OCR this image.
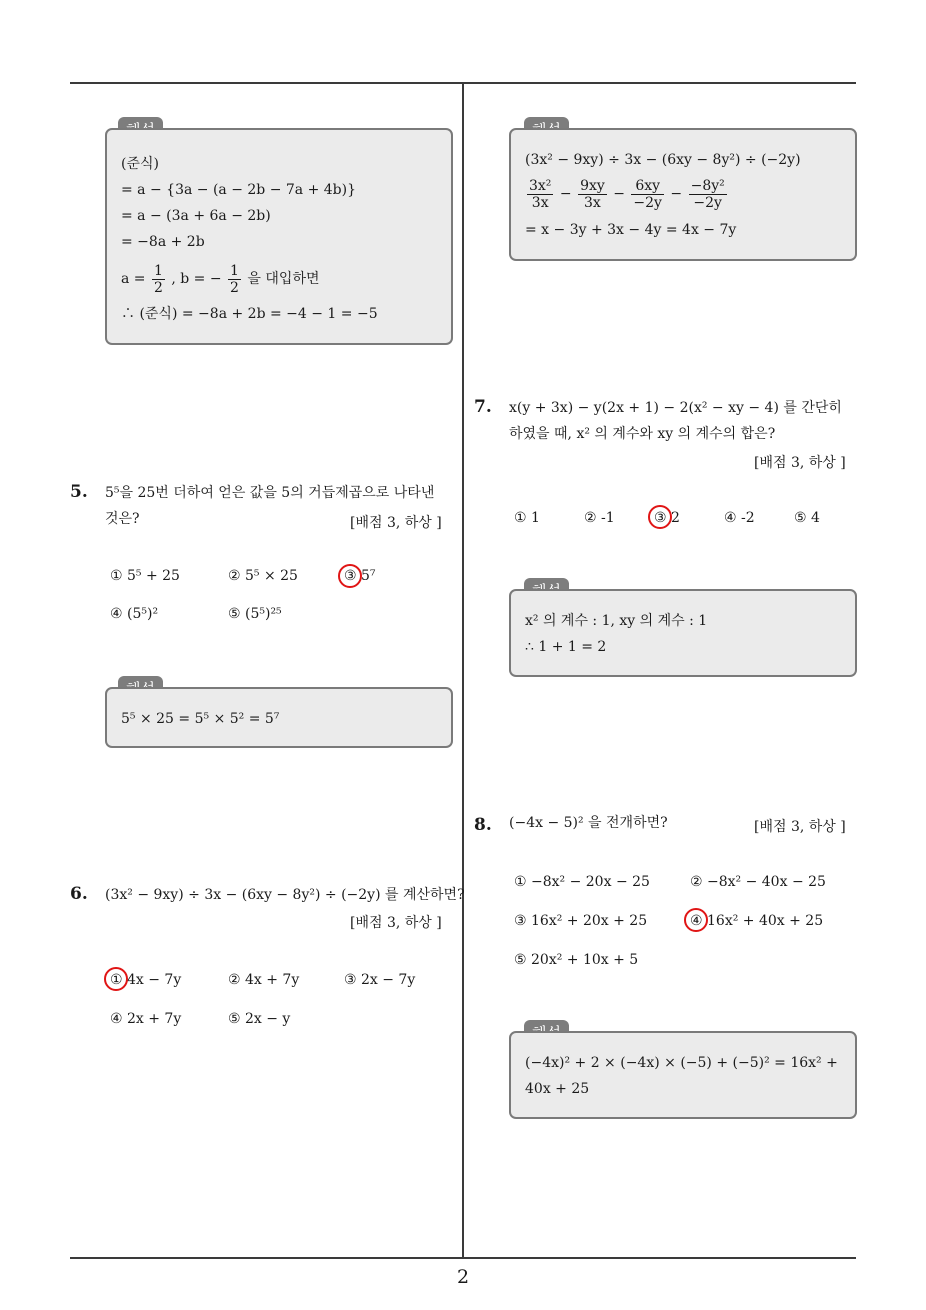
(준식)
= a − {3a − (a − 2b − 7a + 4b)}
= a − (3a + 6a − 2b)
= −8a + 2b
$a = \frac{1}{2}$ , b = − $\frac{1}{2}$ 을 대입하면
∴ (준식) = −8a + 2b = −4 − 1 = −5
5. 5⁵을 25번 더하여 얻은 값을 5의 거듭제곱으로 나타낸
것은?	[배점 3, 하상 ]
① 5⁵ + 25	② 5⁵ × 25	③ 5⁷
④ (5⁵)²	⑤ (5⁵)²⁵
5⁵ × 25 = 5⁵ × 5² = 5⁷
6. (3x² − 9xy) ÷ 3x − (6xy − 8y²) ÷ (−2y) 를 계산하면?
[배점 3, 하상 ]
① 4x − 7y	② 4x + 7y	③ 2x − 7y
④ 2x + 7y	⑤ 2x − y
(3x² − 9xy) ÷ 3x − (6xy − 8y²) ÷ (−2y)
$\frac{\text{3x²}}{3x} - \frac{9xy}{3x} - \frac{6xy}{-2y} - \frac{\text{−8y²}}{-2y}$
= x − 3y + 3x − 4y = 4x − 7y
7. x(y + 3x) − y(2x + 1) − 2(x² − xy − 4) 를 간단히
하였을 때, x² 의 계수와 xy 의 계수의 합은?
[배점 3, 하상 ]
① 1	② -1	③ 2	④ -2	⑤ 4
x² 의 계수 : 1, xy 의 계수 : 1
∴ 1 + 1 = 2
8. (−4x − 5)² 을 전개하면?	[배점 3, 하상 ]
① −8x² − 20x − 25	② −8x² − 40x − 25
③ 16x² + 20x + 25	④ 16x² + 40x + 25
⑤ 20x² + 10x + 5
(−4x)² + 2 × (−4x) × (−5) + (−5)² = 16x² +
40x + 25
2
